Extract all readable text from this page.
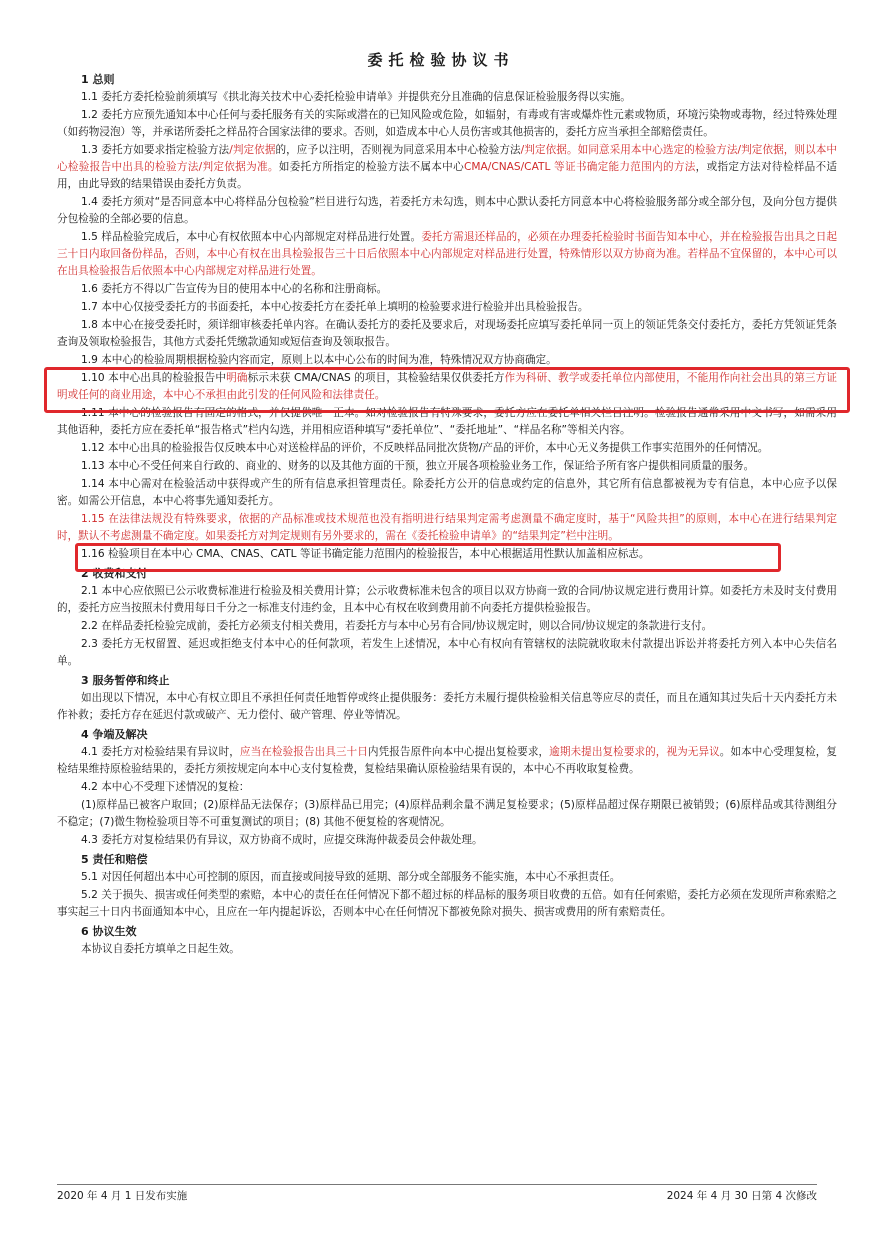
委托检验协议书
1 总则

1.1 委托方委托检验前须填写《拱北海关技术中心委托检验申请单》并提供充分且准确的信息保证检验服务得以实施。

1.2 委托方应预先通知本中心任何与委托服务有关的实际或潜在的已知风险或危险，如辐射，有毒或有害或爆炸性元素或物质，环境污染物或毒物，经过特殊处理（如药物浸泡）等，并承诺所委托之样品符合国家法律的要求。否则，如造成本中心人员伤害或其他损害的，委托方应当承担全部赔偿责任。

1.3 委托方如要求指定检验方法/判定依据的，应予以注明，否则视为同意采用本中心检验方法/判定依据。如同意采用本中心选定的检验方法/判定依据，则以本中心检验报告中出具的检验方法/判定依据为准。如委托方所指定的检验方法不属本中心CMA/CNAS/CATL 等证书确定能力范围内的方法，或指定方法对待检样品不适用，由此导致的结果错误由委托方负责。

1.4 委托方须对“是否同意本中心将样品分包检验”栏目进行勾选，若委托方未勾选，则本中心默认委托方同意本中心将检验服务部分或全部分包，及向分包方提供分包检验的全部必要的信息。

1.5 样品检验完成后，本中心有权依照本中心内部规定对样品进行处置。委托方需退还样品的，必须在办理委托检验时书面告知本中心，并在检验报告出具之日起三十日内取回备份样品，否则，本中心有权在出具检验报告三十日后依照本中心内部规定对样品进行处置，特殊情形以双方协商为准。若样品不宜保留的，本中心可以在出具检验报告后依照本中心内部规定对样品进行处置。

1.6 委托方不得以广告宣传为目的使用本中心的名称和注册商标。

1.7 本中心仅接受委托方的书面委托，本中心按委托方在委托单上填明的检验要求进行检验并出具检验报告。

1.8 本中心在接受委托时，须详细审核委托单内容。在确认委托方的委托及要求后，对现场委托应填写委托单同一页上的领证凭条交付委托方，委托方凭领证凭条查询及领取检验报告，其他方式委托凭缴款通知或短信查询及领取报告。

1.9 本中心的检验周期根据检验内容而定，原则上以本中心公布的时间为准，特殊情况双方协商确定。

1.10 本中心出具的检验报告中明确标示未获 CMA/CNAS 的项目，其检验结果仅供委托方作为科研、教学或委托单位内部使用，不能用作向社会出具的第三方证明或任何的商业用途，本中心不承担由此引发的任何风险和法律责任。

1.11 本中心的检验报告有固定的格式，并仅提供唯一正本。如对检验报告有特殊要求，委托方应在委托单相关栏目注明。检验报告通常采用中文书写，如需采用其他语种，委托方应在委托单“报告格式”栏内勾选，并用相应语种填写“委托单位”、“委托地址”、“样品名称”等相关内容。

1.12 本中心出具的检验报告仅反映本中心对送检样品的评价，不反映样品同批次货物/产品的评价，本中心无义务提供工作事实范围外的任何情况。

1.13 本中心不受任何来自行政的、商业的、财务的以及其他方面的干预，独立开展各项检验业务工作，保证给予所有客户提供相同质量的服务。

1.14 本中心需对在检验活动中获得或产生的所有信息承担管理责任。除委托方公开的信息或约定的信息外，其它所有信息都被视为专有信息，本中心应予以保密。如需公开信息，本中心将事先通知委托方。

1.15 在法律法规没有特殊要求，依据的产品标准或技术规范也没有指明进行结果判定需考虑测量不确定度时，基于“风险共担”的原则，本中心在进行结果判定时，默认不考虑测量不确定度。如果委托方对判定规则有另外要求的，需在《委托检验申请单》的“结果判定”栏中注明。

1.16 检验项目在本中心 CMA、CNAS、CATL 等证书确定能力范围内的检验报告，本中心根据适用性默认加盖相应标志。

2 收费和支付

2.1 本中心应依照已公示收费标准进行检验及相关费用计算；公示收费标准未包含的项目以双方协商一致的合同/协议规定进行费用计算。如委托方未及时支付费用的，委托方应当按照未付费用每日千分之一标准支付违约金，且本中心有权在收到费用前不向委托方提供检验报告。

2.2 在样品委托检验完成前，委托方必须支付相关费用，若委托方与本中心另有合同/协议规定时，则以合同/协议规定的条款进行支付。

2.3 委托方无权留置、延迟或拒绝支付本中心的任何款项，若发生上述情况，本中心有权向有管辖权的法院就收取未付款提出诉讼并将委托方列入本中心失信名单。

3 服务暂停和终止

如出现以下情况，本中心有权立即且不承担任何责任地暂停或终止提供服务：委托方未履行提供检验相关信息等应尽的责任，而且在通知其过失后十天内委托方未作补救；委托方存在延迟付款或破产、无力偿付、破产管理、停业等情况。

4 争端及解决

4.1 委托方对检验结果有异议时，应当在检验报告出具三十日内凭报告原件向本中心提出复检要求，逾期未提出复检要求的，视为无异议。如本中心受理复检，复检结果维持原检验结果的，委托方须按规定向本中心支付复检费，复检结果确认原检验结果有误的，本中心不再收取复检费。

4.2 本中心不受理下述情况的复检：

(1)原样品已被客户取回；(2)原样品无法保存；(3)原样品已用完；(4)原样品剩余量不满足复检要求；(5)原样品超过保存期限已被销毁；(6)原样品或其待测组分不稳定；(7)微生物检验项目等不可重复测试的项目；(8) 其他不便复检的客观情况。

4.3 委托方对复检结果仍有异议，双方协商不成时，应提交珠海仲裁委员会仲裁处理。

5 责任和赔偿

5.1 对因任何超出本中心可控制的原因，而直接或间接导致的延期、部分或全部服务不能实施，本中心不承担责任。

5.2 关于损失、损害或任何类型的索赔，本中心的责任在任何情况下都不超过标的样品标的服务项目收费的五倍。如有任何索赔，委托方必须在发现所声称索赔之事实起三十日内书面通知本中心，且应在一年内提起诉讼，否则本中心在任何情况下都被免除对损失、损害或费用的所有索赔责任。

6 协议生效

本协议自委托方填单之日起生效。

2020 年 4 月 1 日发布实施	2024 年 4 月 30 日第 4 次修改
